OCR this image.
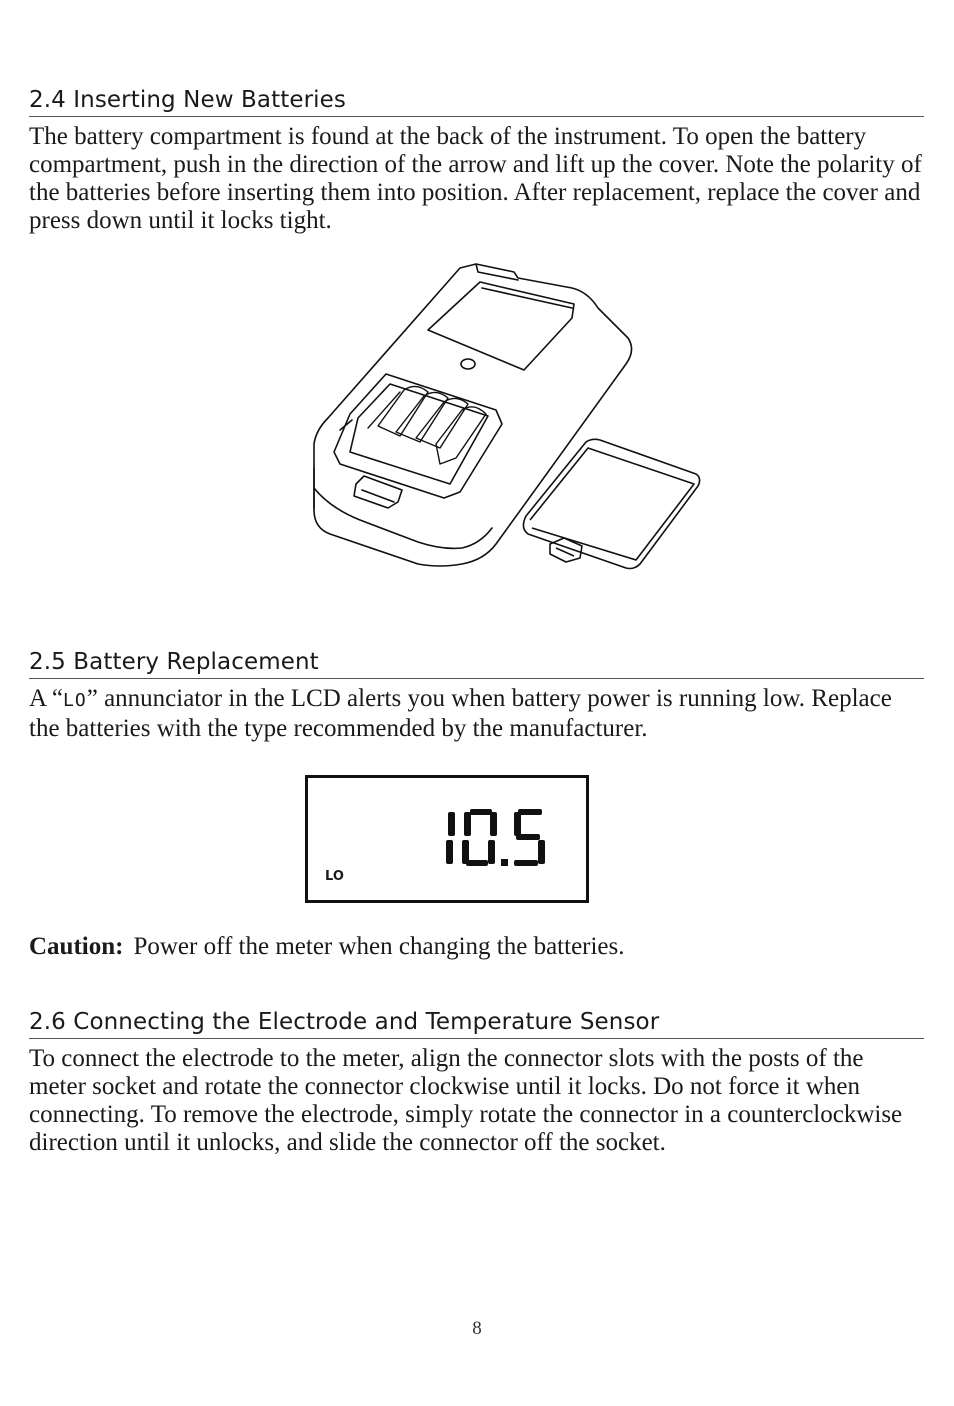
2.4 Inserting New Batteries

The battery compartment is found at the back of the instrument. To open the battery compartment, push in the direction of the arrow and lift up the cover. Note the polarity of the batteries before inserting them into position. After replacement, replace the cover and press down until it locks tight.

2.5 Battery Replacement

A “LO” annunciator in the LCD alerts you when battery power is running low. Replace the batteries with the type recommended by the manufacturer.

LO
Caution: Power off the meter when changing the batteries.
2.6 Connecting the Electrode and Temperature Sensor

To connect the electrode to the meter, align the connector slots with the posts of the meter socket and rotate the connector clockwise until it locks. Do not force it when connecting. To remove the electrode, simply rotate the connector in a counterclockwise direction until it unlocks, and slide the connector off the socket.

8
